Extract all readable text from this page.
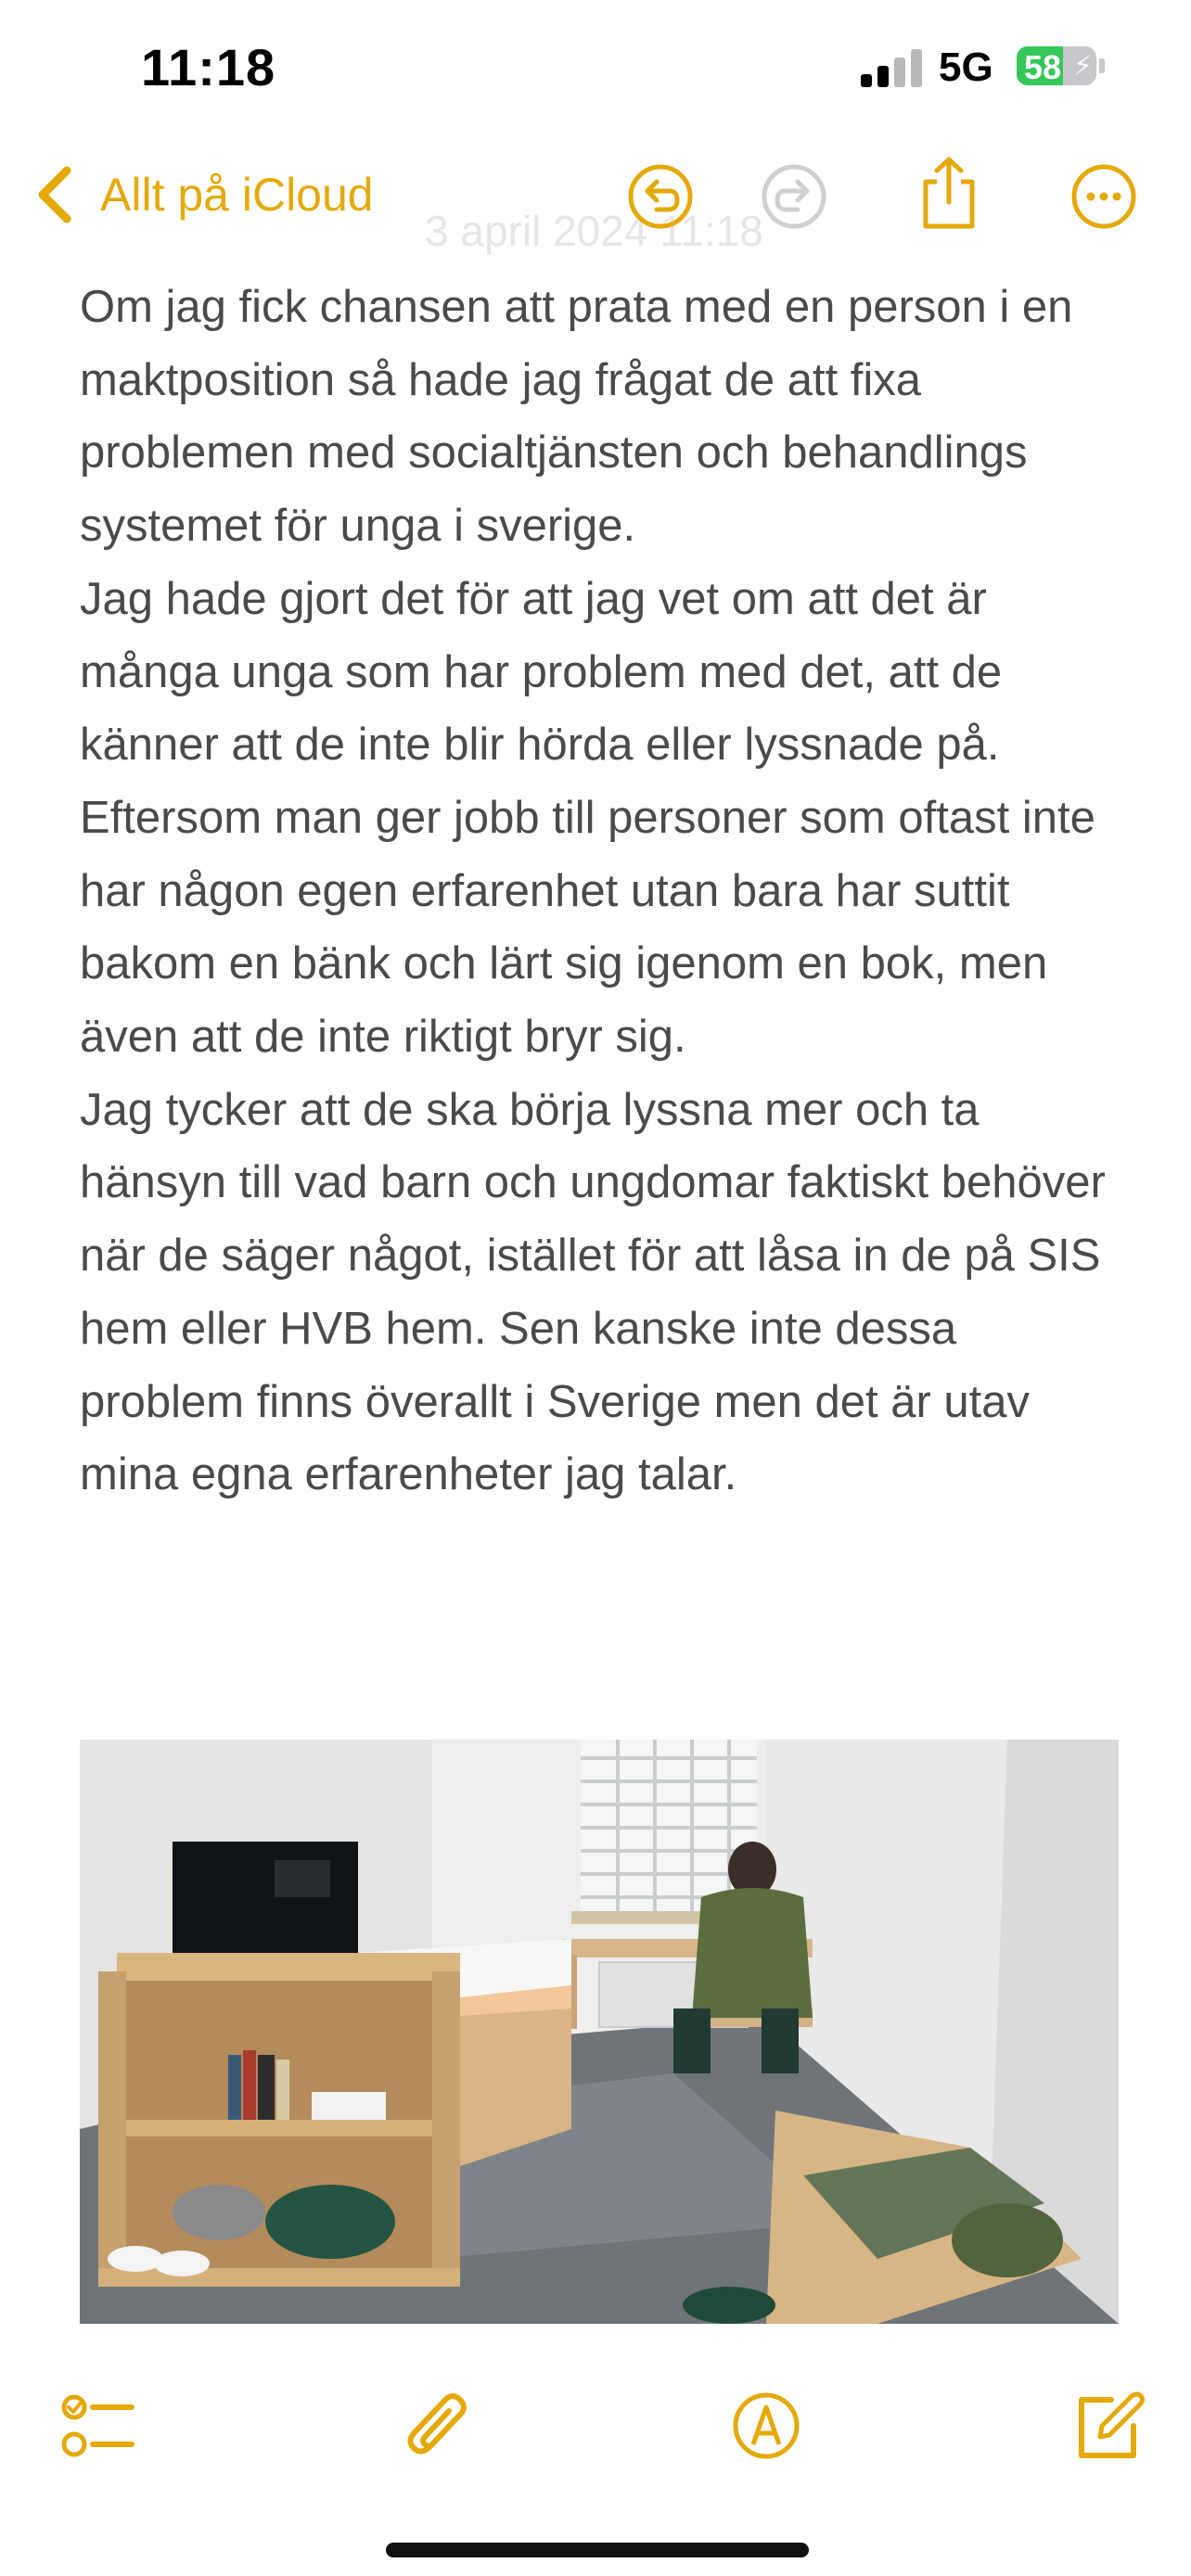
11:18	5G 58 ⚡
3 april 2024 11:18
Allt på iCloud

Om jag fick chansen att prata med en person i en maktposition så hade jag frågat de att fixa problemen med socialtjänsten och behandlings systemet för unga i sverige.

Jag hade gjort det för att jag vet om att det är många unga som har problem med det, att de känner att de inte blir hörda eller lyssnade på. Eftersom man ger jobb till personer som oftast inte har någon egen erfarenhet utan bara har suttit bakom en bänk och lärt sig igenom en bok, men även att de inte riktigt bryr sig.

Jag tycker att de ska börja lyssna mer och ta hänsyn till vad barn och ungdomar faktiskt behöver när de säger något, istället för att låsa in de på SIS hem eller HVB hem. Sen kanske inte dessa problem finns överallt i Sverige men det är utav mina egna erfarenheter jag talar.
